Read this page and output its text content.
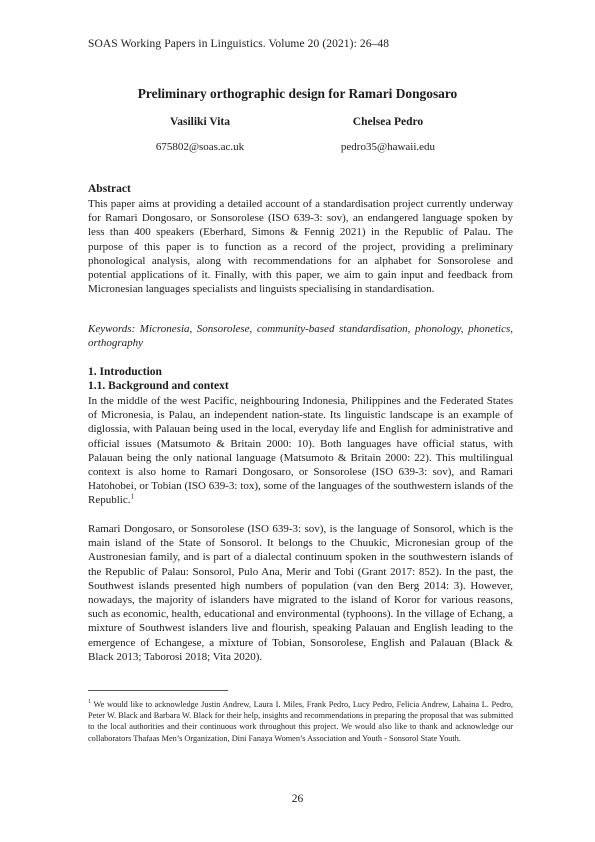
SOAS Working Papers in Linguistics. Volume 20 (2021): 26–48
Preliminary orthographic design for Ramari Dongosaro
Vasiliki Vita	Chelsea Pedro
675802@soas.ac.uk	pedro35@hawaii.edu
Abstract
This paper aims at providing a detailed account of a standardisation project currently underway for Ramari Dongosaro, or Sonsorolese (ISO 639-3: sov), an endangered language spoken by less than 400 speakers (Eberhard, Simons & Fennig 2021) in the Republic of Palau. The purpose of this paper is to function as a record of the project, providing a preliminary phonological analysis, along with recommendations for an alphabet for Sonsorolese and potential applications of it. Finally, with this paper, we aim to gain input and feedback from Micronesian languages specialists and linguists specialising in standardisation.
Keywords: Micronesia, Sonsorolese, community-based standardisation, phonology, phonetics, orthography
1. Introduction
1.1. Background and context
In the middle of the west Pacific, neighbouring Indonesia, Philippines and the Federated States of Micronesia, is Palau, an independent nation-state. Its linguistic landscape is an example of diglossia, with Palauan being used in the local, everyday life and English for administrative and official issues (Matsumoto & Britain 2000: 10). Both languages have official status, with Palauan being the only national language (Matsumoto & Britain 2000: 22). This multilingual context is also home to Ramari Dongosaro, or Sonsorolese (ISO 639-3: sov), and Ramari Hatohobei, or Tobian (ISO 639-3: tox), some of the languages of the southwestern islands of the Republic.$^1$
Ramari Dongosaro, or Sonsorolese (ISO 639-3: sov), is the language of Sonsorol, which is the main island of the State of Sonsorol. It belongs to the Chuukic, Micronesian group of the Austronesian family, and is part of a dialectal continuum spoken in the southwestern islands of the Republic of Palau: Sonsorol, Pulo Ana, Merir and Tobi (Grant 2017: 852). In the past, the Southwest islands presented high numbers of population (van den Berg 2014: 3). However, nowadays, the majority of islanders have migrated to the island of Koror for various reasons, such as economic, health, educational and environmental (typhoons). In the village of Echang, a mixture of Southwest islanders live and flourish, speaking Palauan and English leading to the emergence of Echangese, a mixture of Tobian, Sonsorolese, English and Palauan (Black & Black 2013; Taborosi 2018; Vita 2020).
$^1$ We would like to acknowledge Justin Andrew, Laura I. Miles, Frank Pedro, Lucy Pedro, Felicia Andrew, Lahaina L. Pedro, Peter W. Black and Barbara W. Black for their help, insights and recommendations in preparing the proposal that was submitted to the local authorities and their continuous work throughout this project. We would also like to thank and acknowledge our collaborators Thafaas Men’s Organization, Dini Fanaya Women’s Association and Youth - Sonsorol State Youth.
26
